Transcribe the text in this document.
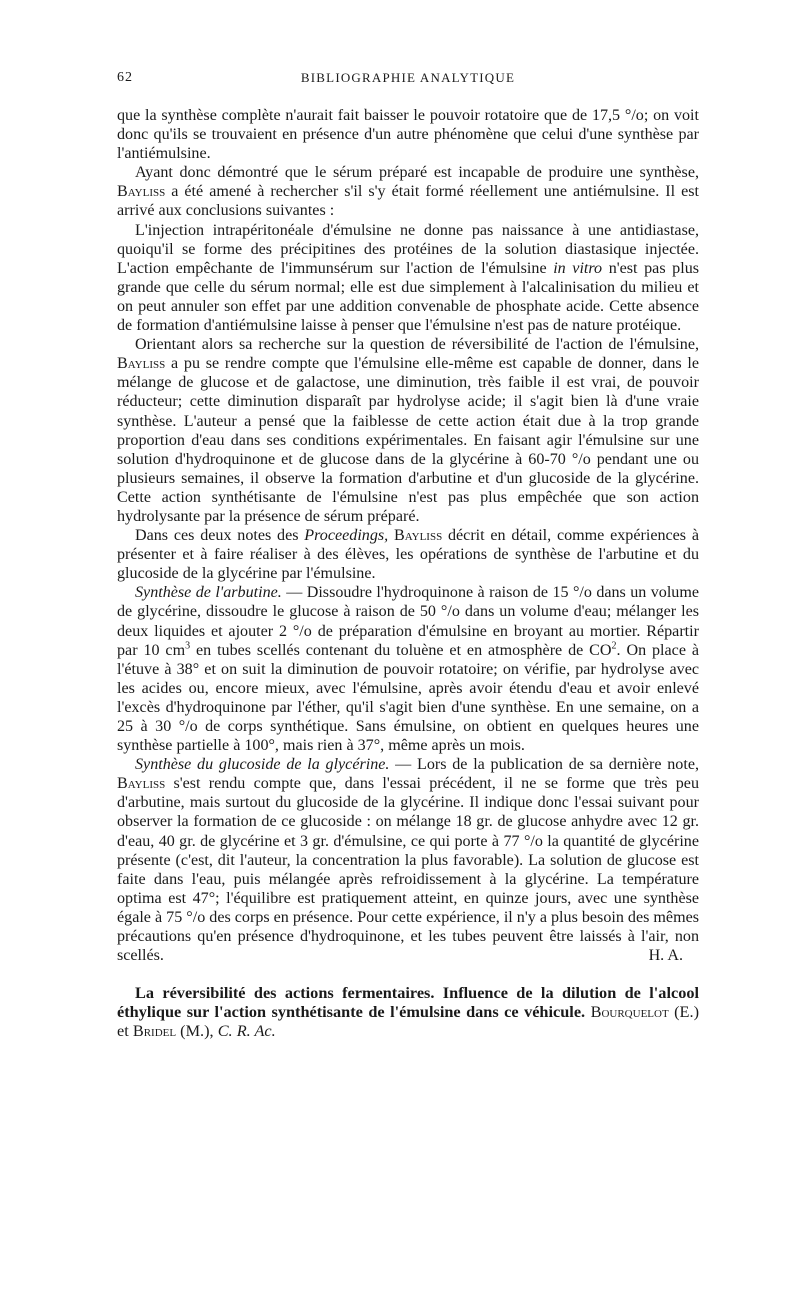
62	BIBLIOGRAPHIE ANALYTIQUE

que la synthèse complète n'aurait fait baisser le pouvoir rotatoire que de 17,5 °/o; on voit donc qu'ils se trouvaient en présence d'un autre phénomène que celui d'une synthèse par l'antiémulsine.

Ayant donc démontré que le sérum préparé est incapable de produire une synthèse, Bayliss a été amené à rechercher s'il s'y était formé réellement une antiémulsine. Il est arrivé aux conclusions suivantes :

L'injection intrapéritonéale d'émulsine ne donne pas naissance à une antidiastase, quoiqu'il se forme des précipitines des protéines de la solution diastasique injectée. L'action empêchante de l'immunsérum sur l'action de l'émulsine in vitro n'est pas plus grande que celle du sérum normal; elle est due simplement à l'alcalinisation du milieu et on peut annuler son effet par une addition convenable de phosphate acide. Cette absence de formation d'antiémulsine laisse à penser que l'émulsine n'est pas de nature protéique.

Orientant alors sa recherche sur la question de réversibilité de l'action de l'émulsine, Bayliss a pu se rendre compte que l'émulsine elle-même est capable de donner, dans le mélange de glucose et de galactose, une diminution, très faible il est vrai, de pouvoir réducteur; cette diminution disparaît par hydrolyse acide; il s'agit bien là d'une vraie synthèse. L'auteur a pensé que la faiblesse de cette action était due à la trop grande proportion d'eau dans ses conditions expérimentales. En faisant agir l'émulsine sur une solution d'hydroquinone et de glucose dans de la glycérine à 60-70 °/o pendant une ou plusieurs semaines, il observe la formation d'arbutine et d'un glucoside de la glycérine. Cette action synthétisante de l'émulsine n'est pas plus empêchée que son action hydrolysante par la présence de sérum préparé.

Dans ces deux notes des Proceedings, Bayliss décrit en détail, comme expériences à présenter et à faire réaliser à des élèves, les opérations de synthèse de l'arbutine et du glucoside de la glycérine par l'émulsine.

Synthèse de l'arbutine. — Dissoudre l'hydroquinone à raison de 15 °/o dans un volume de glycérine, dissoudre le glucose à raison de 50 °/o dans un volume d'eau; mélanger les deux liquides et ajouter 2 °/o de préparation d'émulsine en broyant au mortier. Répartir par 10 $cm^3$ en tubes scellés contenant du toluène et en atmosphère de $CO^2$. On place à l'étuve à 38° et on suit la diminution de pouvoir rotatoire; on vérifie, par hydrolyse avec les acides ou, encore mieux, avec l'émulsine, après avoir étendu d'eau et avoir enlevé l'excès d'hydroquinone par l'éther, qu'il s'agit bien d'une synthèse. En une semaine, on a 25 à 30 °/o de corps synthétique. Sans émulsine, on obtient en quelques heures une synthèse partielle à 100°, mais rien à 37°, même après un mois.

Synthèse du glucoside de la glycérine. — Lors de la publication de sa dernière note, Bayliss s'est rendu compte que, dans l'essai précédent, il ne se forme que très peu d'arbutine, mais surtout du glucoside de la glycérine. Il indique donc l'essai suivant pour observer la formation de ce glucoside : on mélange 18 gr. de glucose anhydre avec 12 gr. d'eau, 40 gr. de glycérine et 3 gr. d'émulsine, ce qui porte à 77 °/o la quantité de glycérine présente (c'est, dit l'auteur, la concentration la plus favorable). La solution de glucose est faite dans l'eau, puis mélangée après refroidissement à la glycérine. La température optima est 47°; l'équilibre est pratiquement atteint, en quinze jours, avec une synthèse égale à 75 °/o des corps en présence. Pour cette expérience, il n'y a plus besoin des mêmes précautions qu'en présence d'hydroquinone, et les tubes peuvent être laissés à l'air, non scellés.	H. A.

La réversibilité des actions fermentaires. Influence de la dilution de l'alcool éthylique sur l'action synthétisante de l'émulsine dans ce véhicule. Bourquelot (E.) et Bridel (M.), C. R. Ac.
